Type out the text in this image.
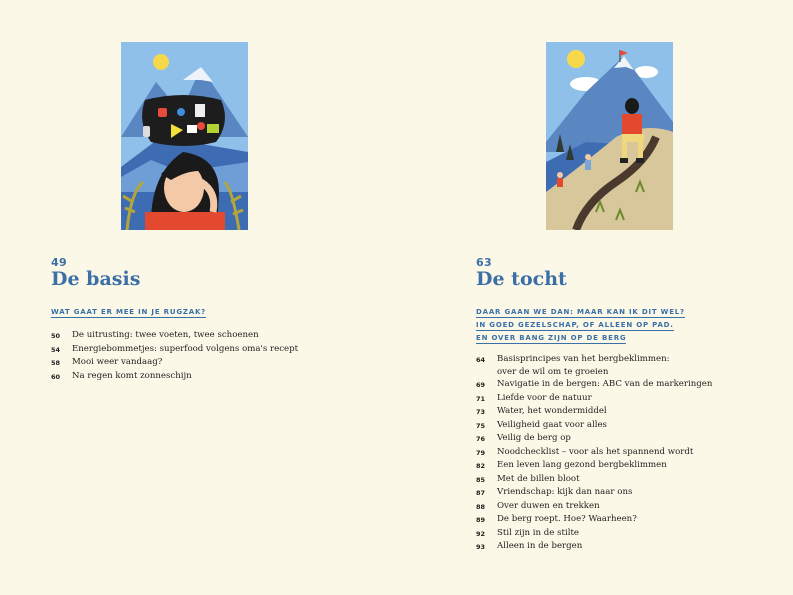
49
De basis
WAT GAAT ER MEE IN JE RUGZAK?
50	De uitrusting: twee voeten, twee schoenen
54	Energiebommetjes: superfood volgens oma's recept
58	Mooi weer vandaag?
60	Na regen komt zonneschijn
63
De tocht
DAAR GAAN WE DAN: MAAR KAN IK DIT WEL?
IN GOED GEZELSCHAP, OF ALLEEN OP PAD.
EN OVER BANG ZIJN OP DE BERG
64	Basisprincipes van het bergbeklimmen:
over de wil om te groeien
69	Navigatie in de bergen: ABC van de markeringen
71	Liefde voor de natuur
73	Water, het wondermiddel
75	Veiligheid gaat voor alles
76	Veilig de berg op
79	Noodchecklist – voor als het spannend wordt
82	Een leven lang gezond bergbeklimmen
85	Met de billen bloot
87	Vriendschap: kijk dan naar ons
88	Over duwen en trekken
89	De berg roept. Hoe? Waarheen?
92	Stil zijn in de stilte
93	Alleen in de bergen
